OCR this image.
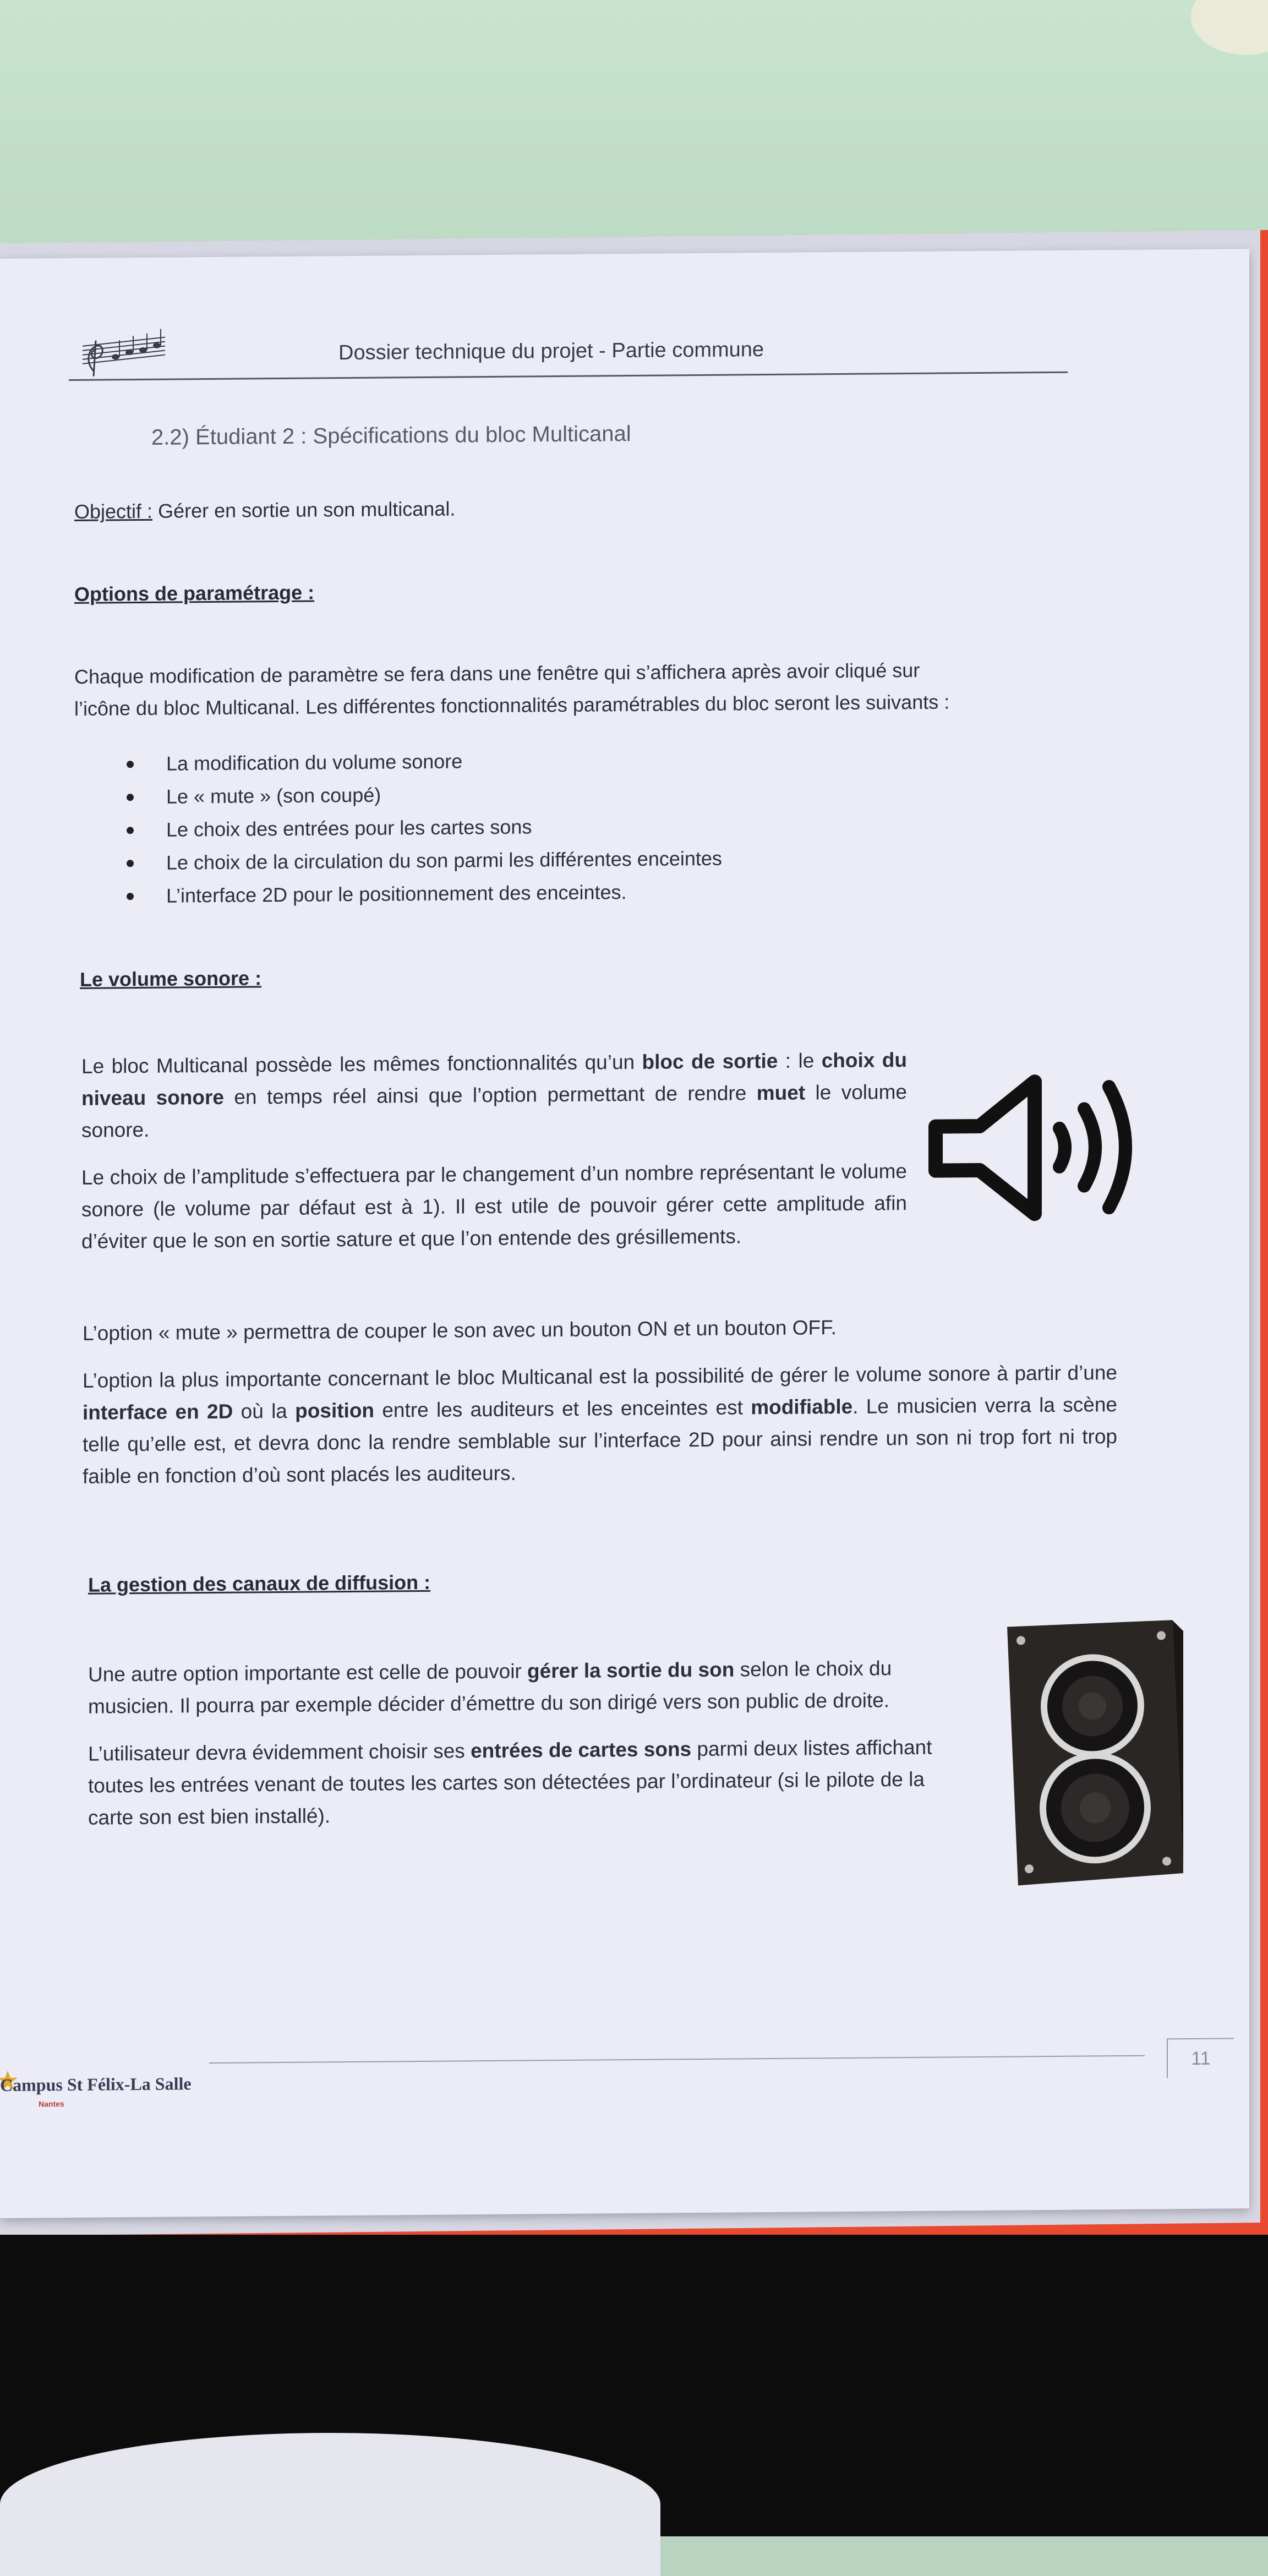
Dossier technique du projet - Partie commune
2.2) Étudiant 2 : Spécifications du bloc Multicanal
Objectif : Gérer en sortie un son multicanal.
Options de paramétrage :
Chaque modification de paramètre se fera dans une fenêtre qui s’affichera après avoir cliqué sur
l’icône du bloc Multicanal. Les différentes fonctionnalités paramétrables du bloc seront les suivants :
La modification du volume sonore
Le « mute » (son coupé)
Le choix des entrées pour les cartes sons
Le choix de la circulation du son parmi les différentes enceintes
L’interface 2D pour le positionnement des enceintes.
Le volume sonore :

Le bloc Multicanal possède les mêmes fonctionnalités qu’un bloc de sortie : le choix du niveau sonore en temps réel ainsi que l’option permettant de rendre muet le volume sonore.

Le choix de l’amplitude s’effectuera par le changement d’un nombre représentant le volume sonore (le volume par défaut est à 1). Il est utile de pouvoir gérer cette amplitude afin d’éviter que le son en sortie sature et que l’on entende des grésillements.

L’option « mute » permettra de couper le son avec un bouton ON et un bouton OFF.

L’option la plus importante concernant le bloc Multicanal est la possibilité de gérer le volume sonore à partir d’une interface en 2D où la position entre les auditeurs et les enceintes est modifiable. Le musicien verra la scène telle qu’elle est, et devra donc la rendre semblable sur l’interface 2D pour ainsi rendre un son ni trop fort ni trop faible en fonction d’où sont placés les auditeurs.

La gestion des canaux de diffusion :

Une autre option importante est celle de pouvoir gérer la sortie du son selon le choix du musicien. Il pourra par exemple décider d’émettre du son dirigé vers son public de droite.

L’utilisateur devra évidemment choisir ses entrées de cartes sons parmi deux listes affichant toutes les entrées venant de toutes les cartes son détectées par l’ordinateur (si le pilote de la carte son est bien installé).

11
Campus St Félix-La Salle
Nantes
